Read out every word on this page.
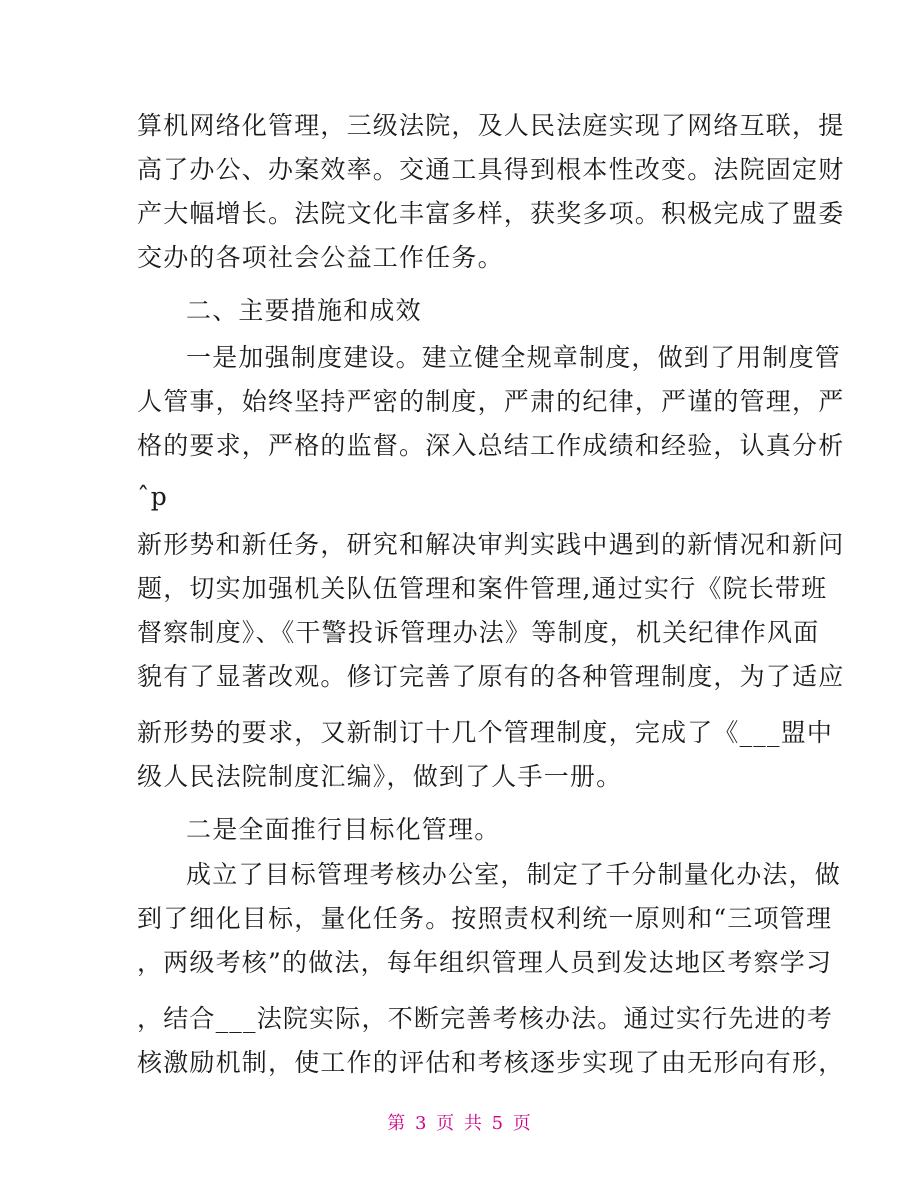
算机网络化管理，三级法院，及人民法庭实现了网络互联，提
高了办公、办案效率。交通工具得到根本性改变。法院固定财
产大幅增长。法院文化丰富多样，获奖多项。积极完成了盟委
交办的各项社会公益工作任务。
二、主要措施和成效
一是加强制度建设。建立健全规章制度，做到了用制度管
人管事，始终坚持严密的制度，严肃的纪律，严谨的管理，严
格的要求，严格的监督。深入总结工作成绩和经验，认真分析
ˆp
新形势和新任务，研究和解决审判实践中遇到的新情况和新问
题，切实加强机关队伍管理和案件管理,通过实行《院长带班
督察制度》、《干警投诉管理办法》等制度，机关纪律作风面
貌有了显著改观。修订完善了原有的各种管理制度，为了适应
新形势的要求，又新制订十几个管理制度，完成了《___盟中
级人民法院制度汇编》，做到了人手一册。
二是全面推行目标化管理。
成立了目标管理考核办公室，制定了千分制量化办法，做
到了细化目标，量化任务。按照责权利统一原则和“三项管理
，两级考核”的做法，每年组织管理人员到发达地区考察学习
，结合___法院实际，不断完善考核办法。通过实行先进的考
核激励机制，使工作的评估和考核逐步实现了由无形向有形，
第 3 页 共 5 页
